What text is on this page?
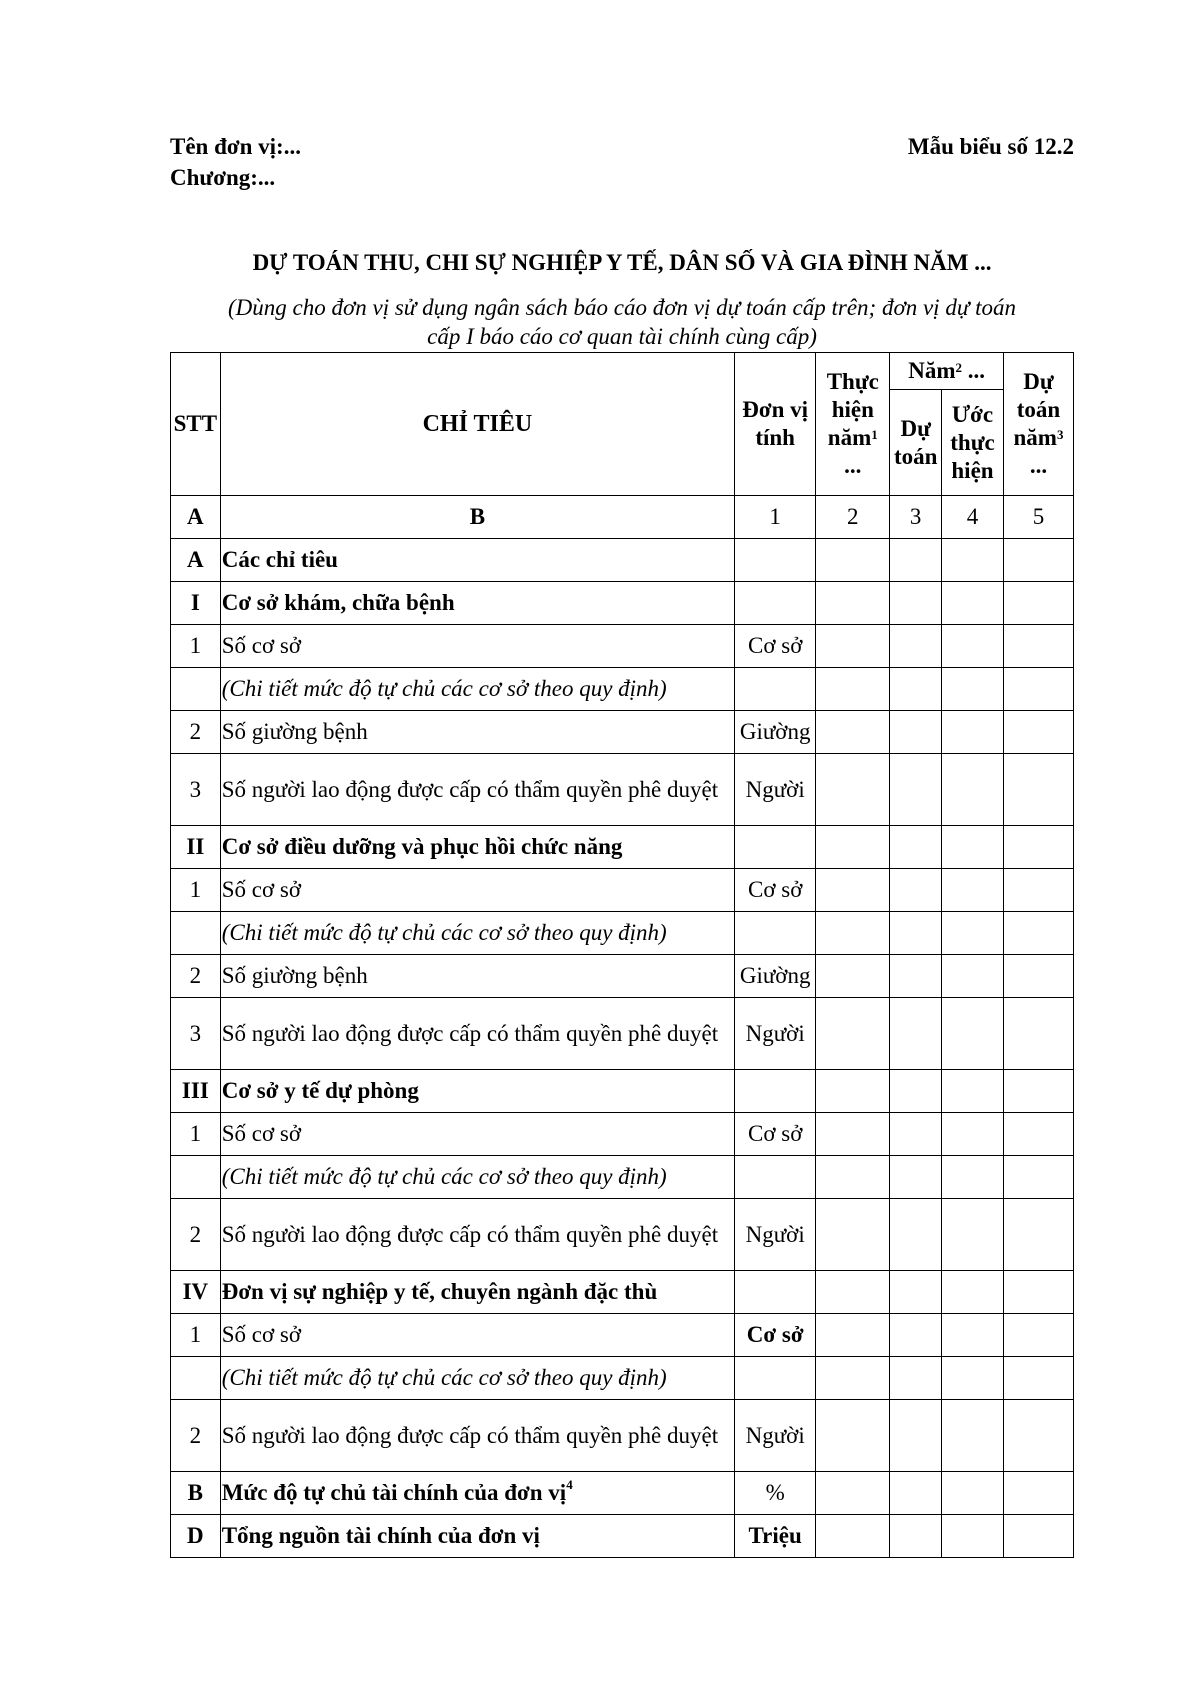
Tên đơn vị:...
Chương:...
Mẫu biểu số 12.2
DỰ TOÁN THU, CHI SỰ NGHIỆP Y TẾ, DÂN SỐ VÀ GIA ĐÌNH NĂM ...
(Dùng cho đơn vị sử dụng ngân sách báo cáo đơn vị dự toán cấp trên; đơn vị dự toán
cấp I báo cáo cơ quan tài chính cùng cấp)
STT	CHỈ TIÊU	Đơn vị tính	Thực hiện năm$^1$ ...	Năm$^2$ ...		Dự toán năm$^3$ ...
				Dự toán	Ước thực hiện	
A	B	1	2	3	4	5
A	Các chỉ tiêu					
I	Cơ sở khám, chữa bệnh					
1	Số cơ sở	Cơ sở				
	(Chi tiết mức độ tự chủ các cơ sở theo quy định)					
2	Số giường bệnh	Giường				
3	Số người lao động được cấp có thẩm quyền phê duyệt	Người				
II	Cơ sở điều dưỡng và phục hồi chức năng					
1	Số cơ sở	Cơ sở				
	(Chi tiết mức độ tự chủ các cơ sở theo quy định)					
2	Số giường bệnh	Giường				
3	Số người lao động được cấp có thẩm quyền phê duyệt	Người				
III	Cơ sở y tế dự phòng					
1	Số cơ sở	Cơ sở				
	(Chi tiết mức độ tự chủ các cơ sở theo quy định)					
2	Số người lao động được cấp có thẩm quyền phê duyệt	Người				
IV	Đơn vị sự nghiệp y tế, chuyên ngành đặc thù					
1	Số cơ sở	Cơ sở				
	(Chi tiết mức độ tự chủ các cơ sở theo quy định)					
2	Số người lao động được cấp có thẩm quyền phê duyệt	Người				
B	Mức độ tự chủ tài chính của đơn vị$^4$	%				
D	Tổng nguồn tài chính của đơn vị	Triệu				
